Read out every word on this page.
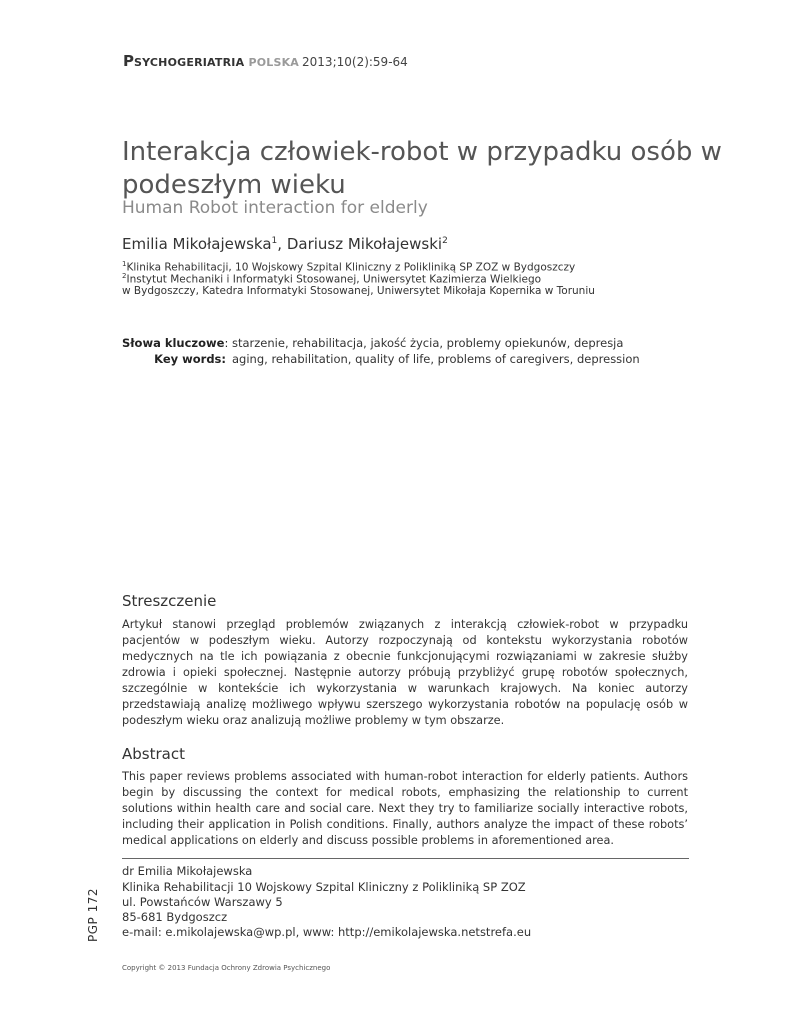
PSYCHOGERIATRIA POLSKA 2013;10(2):59-64
Interakcja człowiek-robot w przypadku osób w podeszłym wieku
Human Robot interaction for elderly
Emilia Mikołajewska$^1$, Dariusz Mikołajewski$^2$
$^1$Klinika Rehabilitacji, 10 Wojskowy Szpital Kliniczny z Polikliniką SP ZOZ w Bydgoszczy
$^2$Instytut Mechaniki i Informatyki Stosowanej, Uniwersytet Kazimierza Wielkiego
w Bydgoszczy, Katedra Informatyki Stosowanej, Uniwersytet Mikołaja Kopernika w Toruniu
Słowa kluczowe: starzenie, rehabilitacja, jakość życia, problemy opiekunów, depresja
Key words: aging, rehabilitation, quality of life, problems of caregivers, depression
Streszczenie

Artykuł stanowi przegląd problemów związanych z interakcją człowiek-robot w przypadku pacjentów w podeszłym wieku. Autorzy rozpoczynają od kontekstu wykorzystania robotów medycznych na tle ich powiązania z obecnie funkcjonującymi rozwiązaniami w zakresie służby zdrowia i opieki społecznej. Następnie autorzy próbują przybliżyć grupę robotów społecznych, szczególnie w kontekście ich wykorzystania w warunkach krajowych. Na koniec autorzy przedstawiają analizę możliwego wpływu szerszego wykorzystania robotów na populację osób w podeszłym wieku oraz analizują możliwe problemy w tym obszarze.

Abstract

This paper reviews problems associated with human-robot interaction for elderly patients. Authors begin by discussing the context for medical robots, emphasizing the relationship to current solutions within health care and social care. Next they try to familiarize socially interactive robots, including their application in Polish conditions. Finally, authors analyze the impact of these robots’ medical applications on elderly and discuss possible problems in aforementioned area.

dr Emilia Mikołajewska
Klinika Rehabilitacji 10 Wojskowy Szpital Kliniczny z Polikliniką SP ZOZ
ul. Powstańców Warszawy 5
85-681 Bydgoszcz
e-mail: e.mikolajewska@wp.pl, www: http://emikolajewska.netstrefa.eu
PGP 172
Copyright © 2013 Fundacja Ochrony Zdrowia Psychicznego
